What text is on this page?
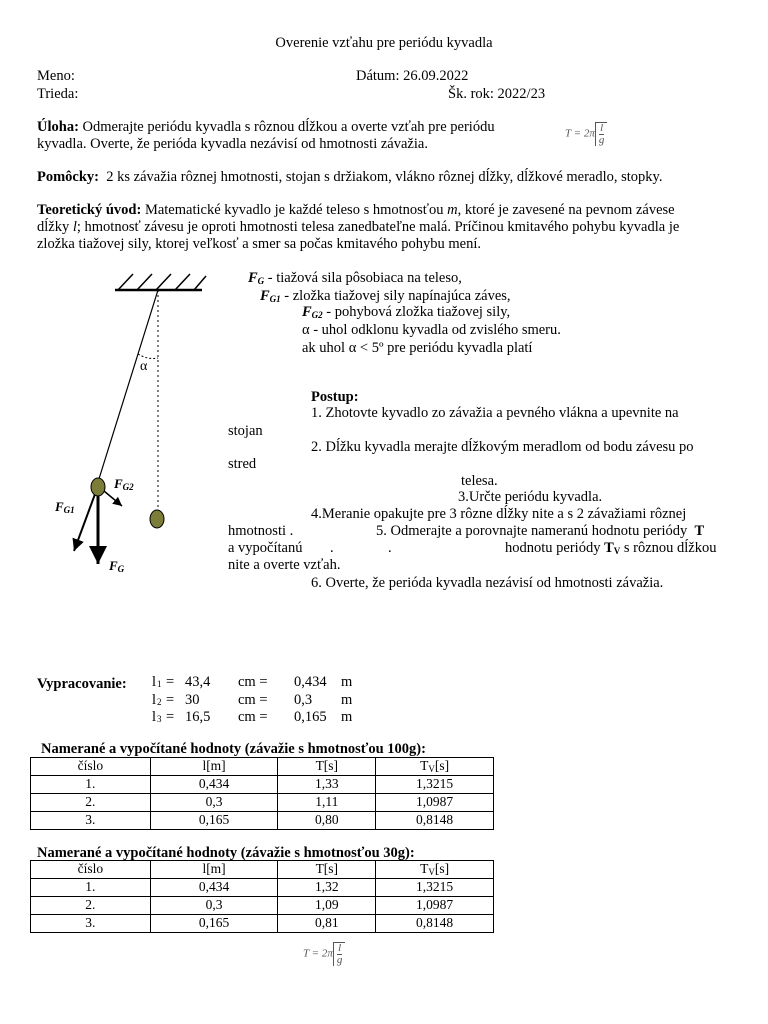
Overenie vzťahu pre periódu kyvadla
Meno:	Dátum: 26.09.2022
Trieda:	Šk. rok: 2022/23
$T = 2\pi \frac{l}{g}$
Úloha: Odmerajte periódu kyvadla s rôznou dĺžkou a overte vzťah pre periódu
kyvadla. Overte, že perióda kyvadla nezávisí od hmotnosti závažia.
Pomôcky: 2 ks závažia rôznej hmotnosti, stojan s držiakom, vlákno rôznej dĺžky, dĺžkové meradlo, stopky.
Teoretický úvod: Matematické kyvadlo je každé teleso s hmotnosťou m, ktoré je zavesené na pevnom závese
dĺžky l; hmotnosť závesu je oproti hmotnosti telesa zanedbateľne malá. Príčinou kmitavého pohybu kyvadla je
zložka tiažovej sily, ktorej veľkosť a smer sa počas kmitavého pohybu mení.
α
$F_{G2}$
$F_{G1}$
$F_G$
$F_G$ - tiažová sila pôsobiaca na teleso,
$F_{G1}$ - zložka tiažovej sily napínajúca záves,
$F_{G2}$ - pohybová zložka tiažovej sily,
α - uhol odklonu kyvadla od zvislého smeru.
ak uhol α < 5º pre periódu kyvadla platí
Postup:
1. Zhotovte kyvadlo zo závažia a pevného vlákna a upevnite na
stojan
2. Dĺžku kyvadla merajte dĺžkovým meradlom od bodu závesu po
stred
telesa.
3.Určte periódu kyvadla.
4.Meranie opakujte pre 3 rôzne dĺžky nite a s 2 závažiami rôznej
hmotnosti .	5. Odmerajte a porovnajte nameranú hodnotu periódy T
a vypočítanú .	.	hodnotu periódy $T_V$ s rôznou dĺžkou
nite a overte vzťah.
6. Overte, že perióda kyvadla nezávisí od hmotnosti závažia.
Vypracovanie: l 1 = 43,4 cm = 0,434 m
l 2 = 30	cm = 0,3 m
l 3 = 16,5 cm = 0,165 m
Namerané a vypočítané hodnoty (závažie s hmotnosťou 100g):
číslo	l[m]	T[s]	$T_V[s]$
1.	0,434	1,33	1,3215
2.	0,3	1,11	1,0987
3.	0,165	0,80	0,8148
Namerané a vypočítané hodnoty (závažie s hmotnosťou 30g):
číslo	l[m]	T[s]	$T_V[s]$
1.	0,434	1,32	1,3215
2.	0,3	1,09	1,0987
3.	0,165	0,81	0,8148
$T = 2\pi \frac{l}{g}$
